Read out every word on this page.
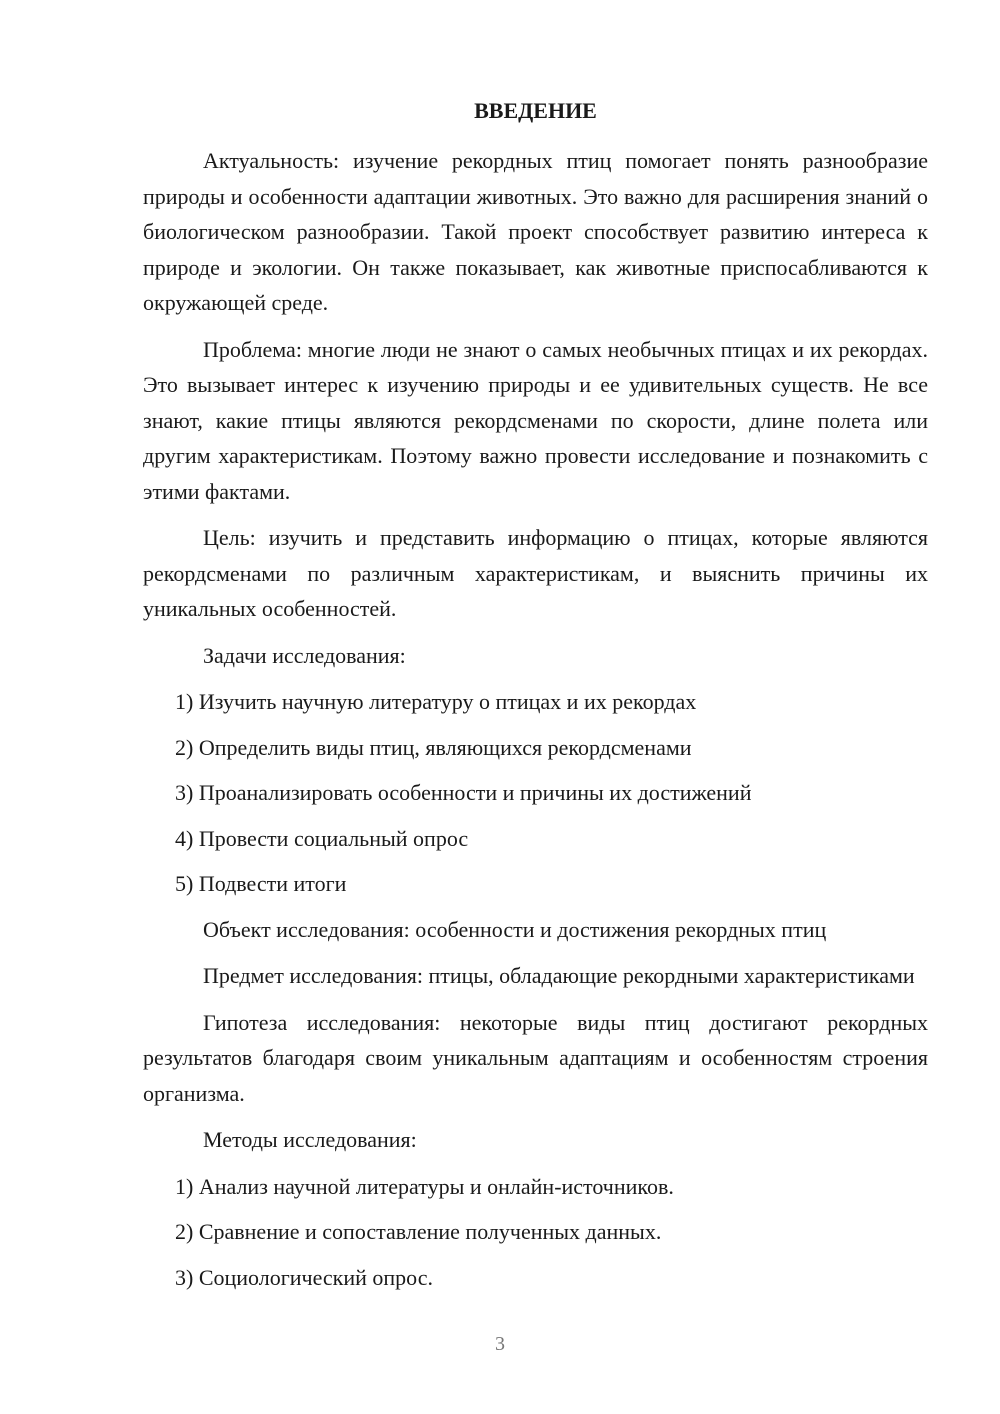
ВВЕДЕНИЕ

Актуальность: изучение рекордных птиц помогает понять разнообразие природы и особенности адаптации животных. Это важно для расширения знаний о биологическом разнообразии. Такой проект способствует развитию интереса к природе и экологии. Он также показывает, как животные приспосабливаются к окружающей среде.

Проблема: многие люди не знают о самых необычных птицах и их рекордах. Это вызывает интерес к изучению природы и ее удивительных существ. Не все знают, какие птицы являются рекордсменами по скорости, длине полета или другим характеристикам. Поэтому важно провести исследование и познакомить с этими фактами.

Цель: изучить и представить информацию о птицах, которые являются рекордсменами по различным характеристикам, и выяснить причины их уникальных особенностей.

Задачи исследования:

1) Изучить научную литературу о птицах и их рекордах

2) Определить виды птиц, являющихся рекордсменами

3) Проанализировать особенности и причины их достижений

4) Провести социальный опрос

5) Подвести итоги

Объект исследования: особенности и достижения рекордных птиц

Предмет исследования: птицы, обладающие рекордными характеристиками

Гипотеза исследования: некоторые виды птиц достигают рекордных результатов благодаря своим уникальным адаптациям и особенностям строения организма.

Методы исследования:

1) Анализ научной литературы и онлайн-источников.

2) Сравнение и сопоставление полученных данных.

3) Социологический опрос.

3
